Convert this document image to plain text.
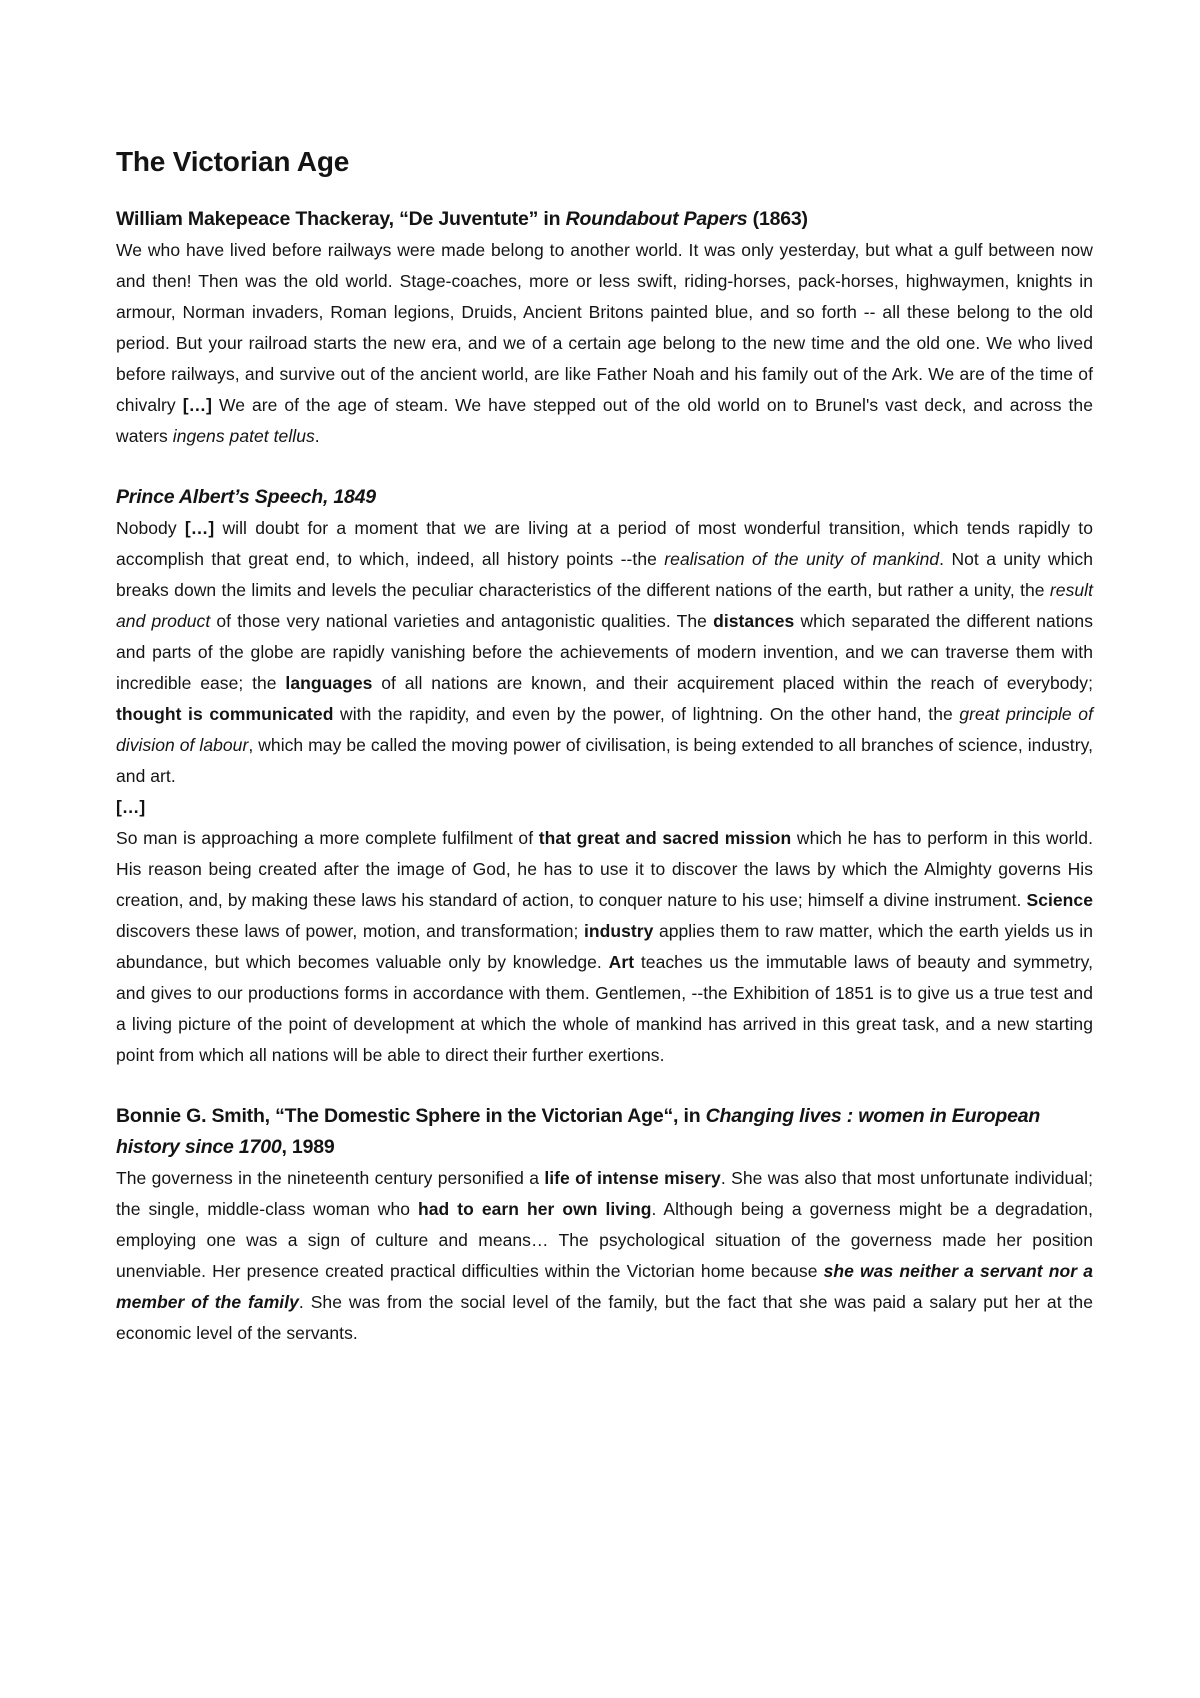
The Victorian Age

William Makepeace Thackeray, “De Juventute” in Roundabout Papers (1863)

We who have lived before railways were made belong to another world. It was only yesterday, but what a gulf between now and then! Then was the old world. Stage-coaches, more or less swift, riding-horses, pack-horses, highwaymen, knights in armour, Norman invaders, Roman legions, Druids, Ancient Britons painted blue, and so forth -- all these belong to the old period. But your railroad starts the new era, and we of a certain age belong to the new time and the old one. We who lived before railways, and survive out of the ancient world, are like Father Noah and his family out of the Ark. We are of the time of chivalry […] We are of the age of steam. We have stepped out of the old world on to Brunel's vast deck, and across the waters ingens patet tellus.

Prince Albert’s Speech, 1849

Nobody […] will doubt for a moment that we are living at a period of most wonderful transition, which tends rapidly to accomplish that great end, to which, indeed, all history points --the realisation of the unity of mankind. Not a unity which breaks down the limits and levels the peculiar characteristics of the different nations of the earth, but rather a unity, the result and product of those very national varieties and antagonistic qualities. The distances which separated the different nations and parts of the globe are rapidly vanishing before the achievements of modern invention, and we can traverse them with incredible ease; the languages of all nations are known, and their acquirement placed within the reach of everybody; thought is communicated with the rapidity, and even by the power, of lightning. On the other hand, the great principle of division of labour, which may be called the moving power of civilisation, is being extended to all branches of science, industry, and art.

[…]

So man is approaching a more complete fulfilment of that great and sacred mission which he has to perform in this world. His reason being created after the image of God, he has to use it to discover the laws by which the Almighty governs His creation, and, by making these laws his standard of action, to conquer nature to his use; himself a divine instrument. Science discovers these laws of power, motion, and transformation; industry applies them to raw matter, which the earth yields us in abundance, but which becomes valuable only by knowledge. Art teaches us the immutable laws of beauty and symmetry, and gives to our productions forms in accordance with them. Gentlemen, --the Exhibition of 1851 is to give us a true test and a living picture of the point of development at which the whole of mankind has arrived in this great task, and a new starting point from which all nations will be able to direct their further exertions.

Bonnie G. Smith, “The Domestic Sphere in the Victorian Age“, in Changing lives : women in European history since 1700, 1989

The governess in the nineteenth century personified a life of intense misery. She was also that most unfortunate individual; the single, middle-class woman who had to earn her own living. Although being a governess might be a degradation, employing one was a sign of culture and means… The psychological situation of the governess made her position unenviable. Her presence created practical difficulties within the Victorian home because she was neither a servant nor a member of the family. She was from the social level of the family, but the fact that she was paid a salary put her at the economic level of the servants.
